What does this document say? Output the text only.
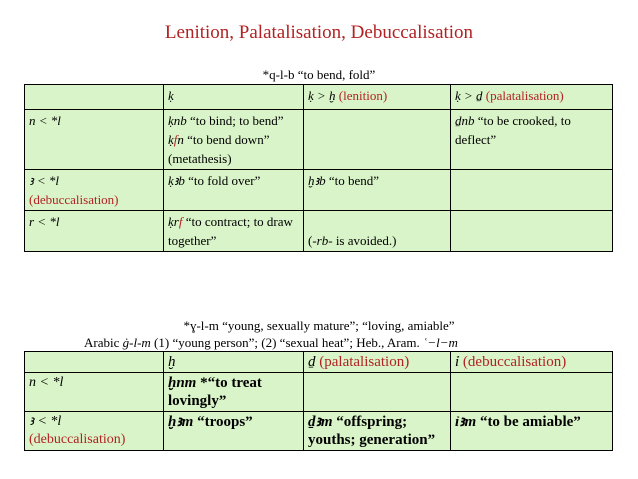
Lenition, Palatalisation, Debuccalisation
*q-l-b “to bend, fold”
	ḳ	ḳ > ḫ (lenition)	ḳ > ḏ (palatalisation)
n < *l	ḳnb “to bind; to bend”
ḳfn “to bend down” (metathesis)		ḏnb “to be crooked, to deflect”
ꜣ < *l
(debuccalisation)	ḳꜣb “to fold over”	ḫꜣb “to bend”	
r < *l	ḳrf “to contract; to draw together”	(-rb- is avoided.)	
*ɣ-l-m “young, sexually mature”; “loving, amiable”
Arabic ġ-l-m (1) “young person”; (2) “sexual heat”; Heb., Aram. ʿ−l−m
	ḫ	ḏ (palatalisation)	ỉ (debuccalisation)
n < *l	ḫnm *“to treat lovingly”		
ꜣ < *l
(debuccalisation)	ḫꜣm “troops”	ḏꜣm “offspring; youths; generation”	ỉꜣm “to be amiable”
